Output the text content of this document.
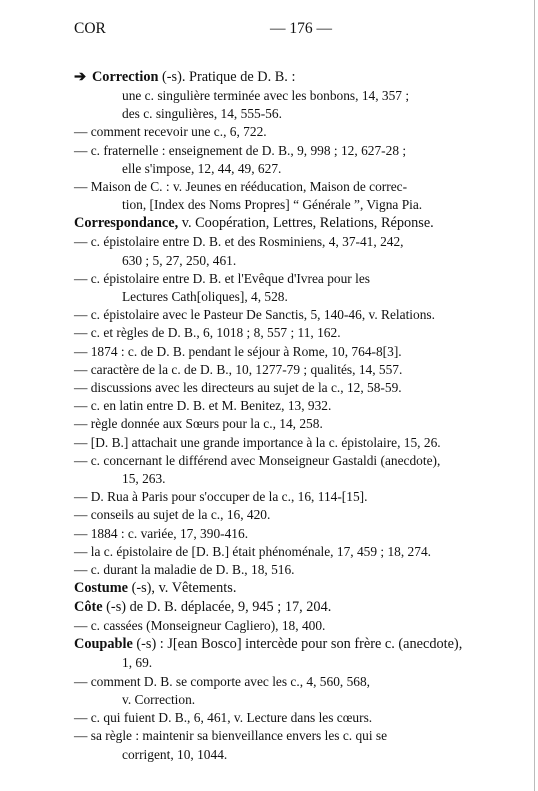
COR	— 176 —
➔ Correction (-s). Pratique de D. B. :
une c. singulière terminée avec les bonbons, 14, 357 ;
des c. singulières, 14, 555-56.
— comment recevoir une c., 6, 722.
— c. fraternelle : enseignement de D. B., 9, 998 ; 12, 627-28 ;
elle s'impose, 12, 44, 49, 627.
— Maison de C. : v. Jeunes en rééducation, Maison de correc-
tion, [Index des Noms Propres] “ Générale ”, Vigna Pia.
Correspondance, v. Coopération, Lettres, Relations, Réponse.
— c. épistolaire entre D. B. et des Rosminiens, 4, 37-41, 242,
630 ; 5, 27, 250, 461.
— c. épistolaire entre D. B. et l'Evêque d'Ivrea pour les
Lectures Cath[oliques], 4, 528.
— c. épistolaire avec le Pasteur De Sanctis, 5, 140-46, v. Relations.
— c. et règles de D. B., 6, 1018 ; 8, 557 ; 11, 162.
— 1874 : c. de D. B. pendant le séjour à Rome, 10, 764-8[3].
— caractère de la c. de D. B., 10, 1277-79 ; qualités, 14, 557.
— discussions avec les directeurs au sujet de la c., 12, 58-59.
— c. en latin entre D. B. et M. Benitez, 13, 932.
— règle donnée aux Sœurs pour la c., 14, 258.
— [D. B.] attachait une grande importance à la c. épistolaire, 15, 26.
— c. concernant le différend avec Monseigneur Gastaldi (anecdote),
15, 263.
— D. Rua à Paris pour s'occuper de la c., 16, 114-[15].
— conseils au sujet de la c., 16, 420.
— 1884 : c. variée, 17, 390-416.
— la c. épistolaire de [D. B.] était phénoménale, 17, 459 ; 18, 274.
— c. durant la maladie de D. B., 18, 516.
Costume (-s), v. Vêtements.
Côte (-s) de D. B. déplacée, 9, 945 ; 17, 204.
— c. cassées (Monseigneur Cagliero), 18, 400.
Coupable (-s) : J[ean Bosco] intercède pour son frère c. (anecdote),
1, 69.
— comment D. B. se comporte avec les c., 4, 560, 568,
v. Correction.
— c. qui fuient D. B., 6, 461, v. Lecture dans les cœurs.
— sa règle : maintenir sa bienveillance envers les c. qui se
corrigent, 10, 1044.
